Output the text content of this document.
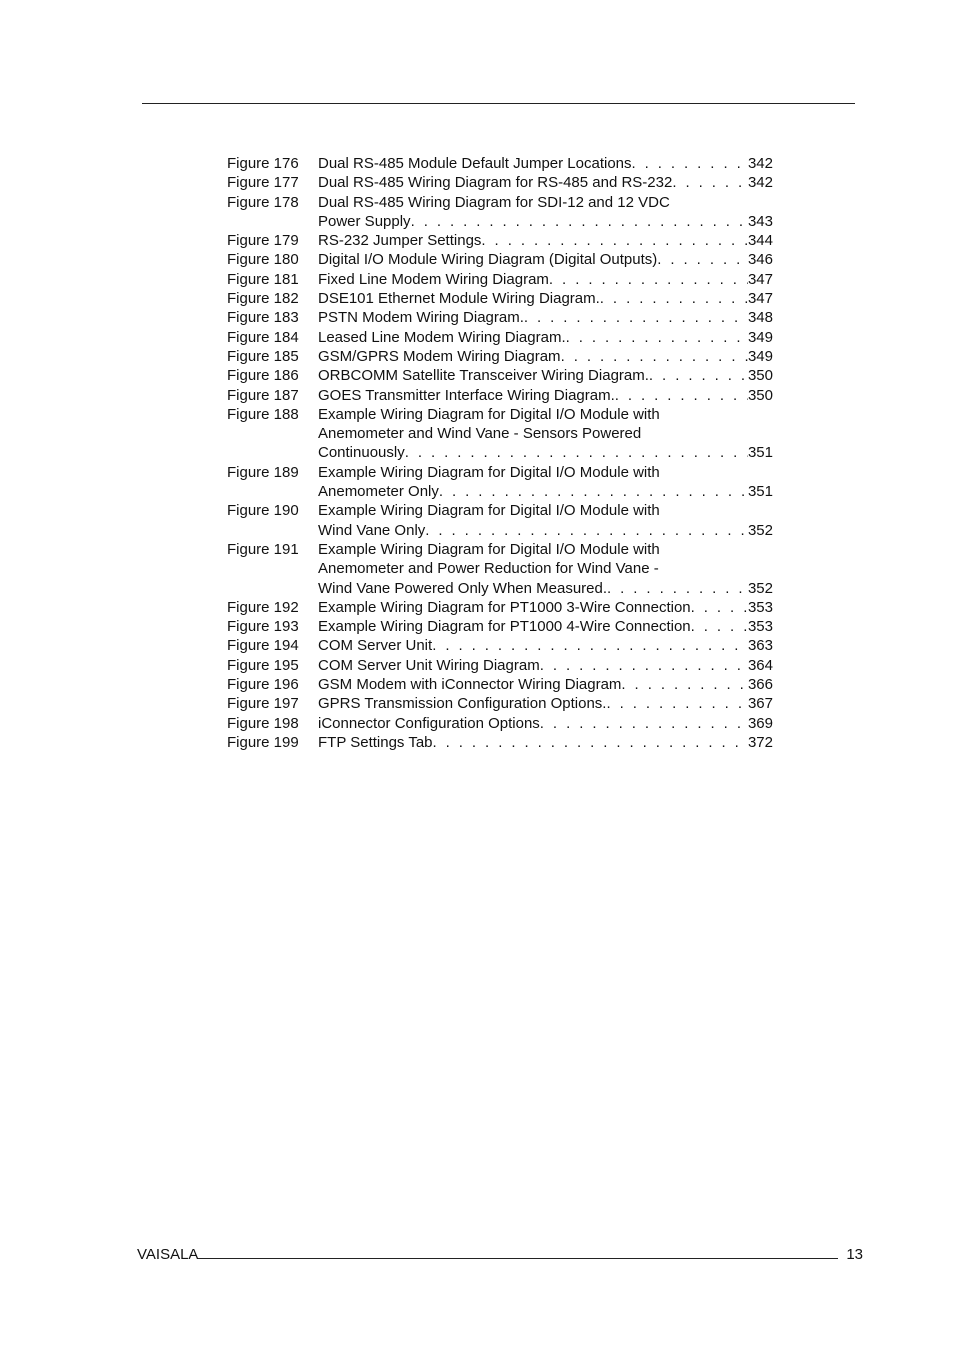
Figure 176	Dual RS-485 Module Default Jumper Locations . . .	342
Figure 177	Dual RS-485 Wiring Diagram for RS-485 and RS-232 . . .	342
Figure 178	Dual RS-485 Wiring Diagram for SDI-12 and 12 VDC
Power Supply . . .	343
Figure 179	RS-232 Jumper Settings . . .	344
Figure 180	Digital I/O Module Wiring Diagram (Digital Outputs) . . .	346
Figure 181	Fixed Line Modem Wiring Diagram . . .	347
Figure 182	DSE101 Ethernet Module Wiring Diagram. . . .	347
Figure 183	PSTN Modem Wiring Diagram. . . .	348
Figure 184	Leased Line Modem Wiring Diagram. . . .	349
Figure 185	GSM/GPRS Modem Wiring Diagram . . .	349
Figure 186	ORBCOMM Satellite Transceiver Wiring Diagram. . . .	350
Figure 187	GOES Transmitter Interface Wiring Diagram. . . .	350
Figure 188	Example Wiring Diagram for Digital I/O Module with
Anemometer and Wind Vane - Sensors Powered
Continuously . . .	351
Figure 189	Example Wiring Diagram for Digital I/O Module with
Anemometer Only . . .	351
Figure 190	Example Wiring Diagram for Digital I/O Module with
Wind Vane Only . . .	352
Figure 191	Example Wiring Diagram for Digital I/O Module with
Anemometer and Power Reduction for Wind Vane -
Wind Vane Powered Only When Measured. . . .	352
Figure 192	Example Wiring Diagram for PT1000 3-Wire Connection . . .	353
Figure 193	Example Wiring Diagram for PT1000 4-Wire Connection . . .	353
Figure 194	COM Server Unit . . .	363
Figure 195	COM Server Unit Wiring Diagram . . .	364
Figure 196	GSM Modem with iConnector Wiring Diagram . . .	366
Figure 197	GPRS Transmission Configuration Options. . . .	367
Figure 198	iConnector Configuration Options . . .	369
Figure 199	FTP Settings Tab . . .	372
VAISALA	13
